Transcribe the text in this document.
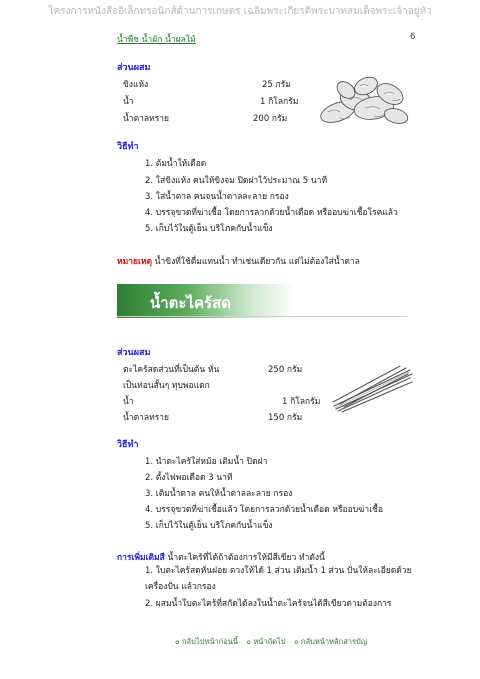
โครงการหนังสืออิเล็กทรอนิกส์ด้านการเกษตร เฉลิมพระเกียรติพระบาทสมเด็จพระเจ้าอยู่หัว
น้ำพืช น้ำผัก น้ำผลไม้	6
ส่วนผสม
ขิงแห้ง	25 กรัม
น้ำ	1 กิโลกรัม
น้ำตาลทราย	200 กรัม
วิธีทำ
1. ต้มน้ำให้เดือด
2. ใส่ขิงแห้ง คนให้ขิงจม ปิดฝาไว้ประมาณ 5 นาที
3. ใส่น้ำตาล คนจนน้ำตาลละลาย กรอง
4. บรรจุขวดที่ฆ่าเชื้อ โดยการลวกด้วยน้ำเดือด หรืออบฆ่าเชื้อโรคแล้ว
5. เก็บไว้ในตู้เย็น บริโภคกับน้ำแข็ง
หมายเหตุ น้ำขิงที่ใช้ดื่มแทนน้ำ ทำเช่นเดียวกัน แต่ไม่ต้องใส่น้ำตาล
น้ำตะไคร้สด
ส่วนผสม
ตะไคร้สดส่วนที่เป็นต้น หั่น	250 กรัม
เป็นท่อนสั้นๆ ทุบพอแตก
น้ำ	1 กิโลกรัม
น้ำตาลทราย	150 กรัม
วิธีทำ
1. นำตะไคร้ใส่หม้อ เติมน้ำ ปิดฝา
2. ตั้งไฟพอเดือด 3 นาที
3. เติมน้ำตาล คนให้น้ำตาลละลาย กรอง
4. บรรจุขวดที่ฆ่าเชื้อแล้ว โดยการลวกด้วยน้ำเดือด หรืออบฆ่าเชื้อ
5. เก็บไว้ในตู้เย็น บริโภคกับน้ำแข็ง
การเพิ่มเติมสี น้ำตะไคร้ที่ได้ถ้าต้องการให้มีสีเขียว ทำดังนี้
1. ใบตะไคร้สดหั่นฝอย ตวงให้ได้ 1 ส่วน เติมน้ำ 1 ส่วน ปั่นให้ละเอียดด้วย
เครื่องปั่น แล้วกรอง
2. ผสมน้ำใบตะไคร้ที่สกัดได้ลงในน้ำตะไคร้จนได้สีเขียวตามต้องการ
๐ กลับไปหน้าก่อนนี้ ๐ หน้าถัดไป ๐ กลับหน้าหลักสารบัญ
